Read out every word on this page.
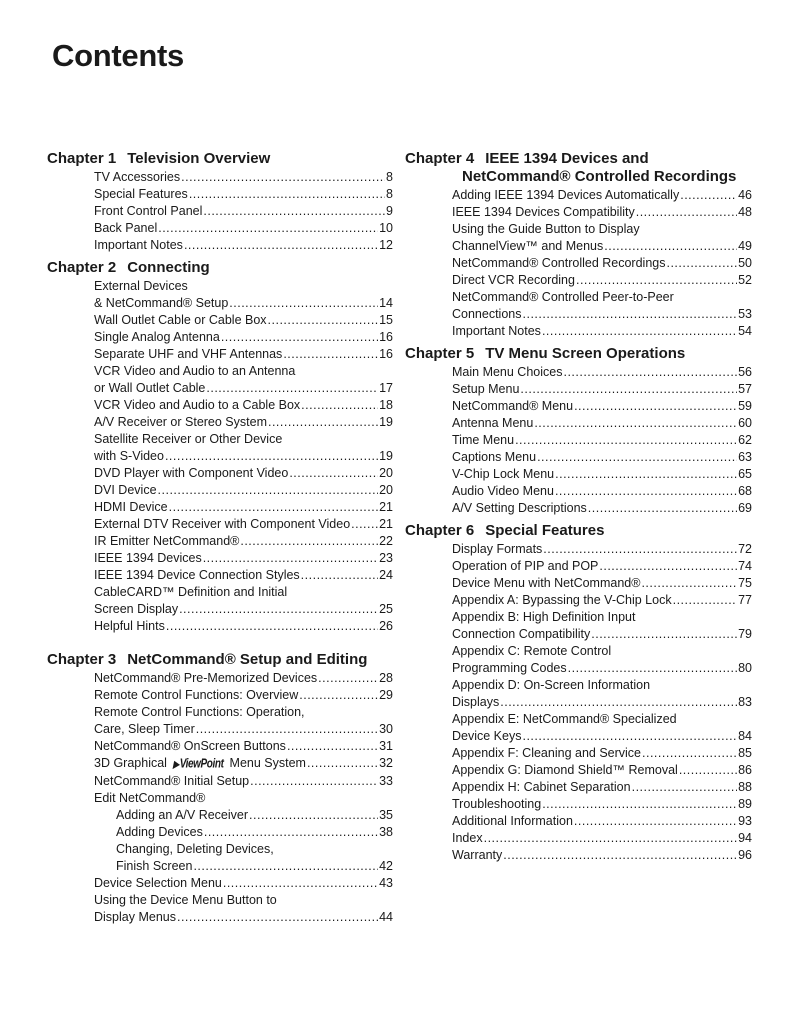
Contents
Chapter 1 Television Overview
TV Accessories .....	8
Special Features .....	8
Front Control Panel .....	9
Back Panel .....	10
Important Notes .....	12
Chapter 2 Connecting
External Devices
& NetCommand® Setup .....	14
Wall Outlet Cable or Cable Box .....	15
Single Analog Antenna .....	16
Separate UHF and VHF Antennas .....	16
VCR Video and Audio to an Antenna
or Wall Outlet Cable .....	17
VCR Video and Audio to a Cable Box .....	18
A/V Receiver or Stereo System .....	19
Satellite Receiver or Other Device
with S-Video .....	19
DVD Player with Component Video .....	20
DVI Device .....	20
HDMI Device .....	21
External DTV Receiver with Component Video ..... 21
IR Emitter NetCommand® .....	22
IEEE 1394 Devices .....	23
IEEE 1394 Device Connection Styles .....	24
CableCARD™ Definition and Initial
Screen Display .....	25
Helpful Hints .....	26
Chapter 3 NetCommand® Setup and Editing
NetCommand® Pre-Memorized Devices .....	28
Remote Control Functions: Overview .....	29
Remote Control Functions: Operation,
Care, Sleep Timer .....	30
NetCommand® OnScreen Buttons .....	31
3D Graphical ▶ViewPoint Menu System .....	32
NetCommand® Initial Setup .....	33
Edit NetCommand®
Adding an A/V Receiver .....	35
Adding Devices .....	38
Changing, Deleting Devices,
Finish Screen .....	42
Device Selection Menu .....	43
Using the Device Menu Button to
Display Menus .....	44
Chapter 4 IEEE 1394 Devices and
NetCommand® Controlled Recordings
Adding IEEE 1394 Devices Automatically .....	46
IEEE 1394 Devices Compatibility .....	48
Using the Guide Button to Display
ChannelView™ and Menus .....	49
NetCommand® Controlled Recordings .....	50
Direct VCR Recording .....	52
NetCommand® Controlled Peer-to-Peer
Connections .....	53
Important Notes .....	54
Chapter 5 TV Menu Screen Operations
Main Menu Choices .....	56
Setup Menu .....	57
NetCommand® Menu .....	59
Antenna Menu .....	60
Time Menu .....	62
Captions Menu .....	63
V-Chip Lock Menu .....	65
Audio Video Menu .....	68
A/V Setting Descriptions .....	69
Chapter 6 Special Features
Display Formats .....	72
Operation of PIP and POP .....	74
Device Menu with NetCommand® .....	75
Appendix A: Bypassing the V-Chip Lock .....	77
Appendix B: High Definition Input
Connection Compatibility .....	79
Appendix C: Remote Control
Programming Codes .....	80
Appendix D: On-Screen Information
Displays .....	83
Appendix E: NetCommand® Specialized
Device Keys .....	84
Appendix F: Cleaning and Service .....	85
Appendix G: Diamond Shield™ Removal .....	86
Appendix H: Cabinet Separation .....	88
Troubleshooting .....	89
Additional Information .....	93
Index .....	94
Warranty .....	96
